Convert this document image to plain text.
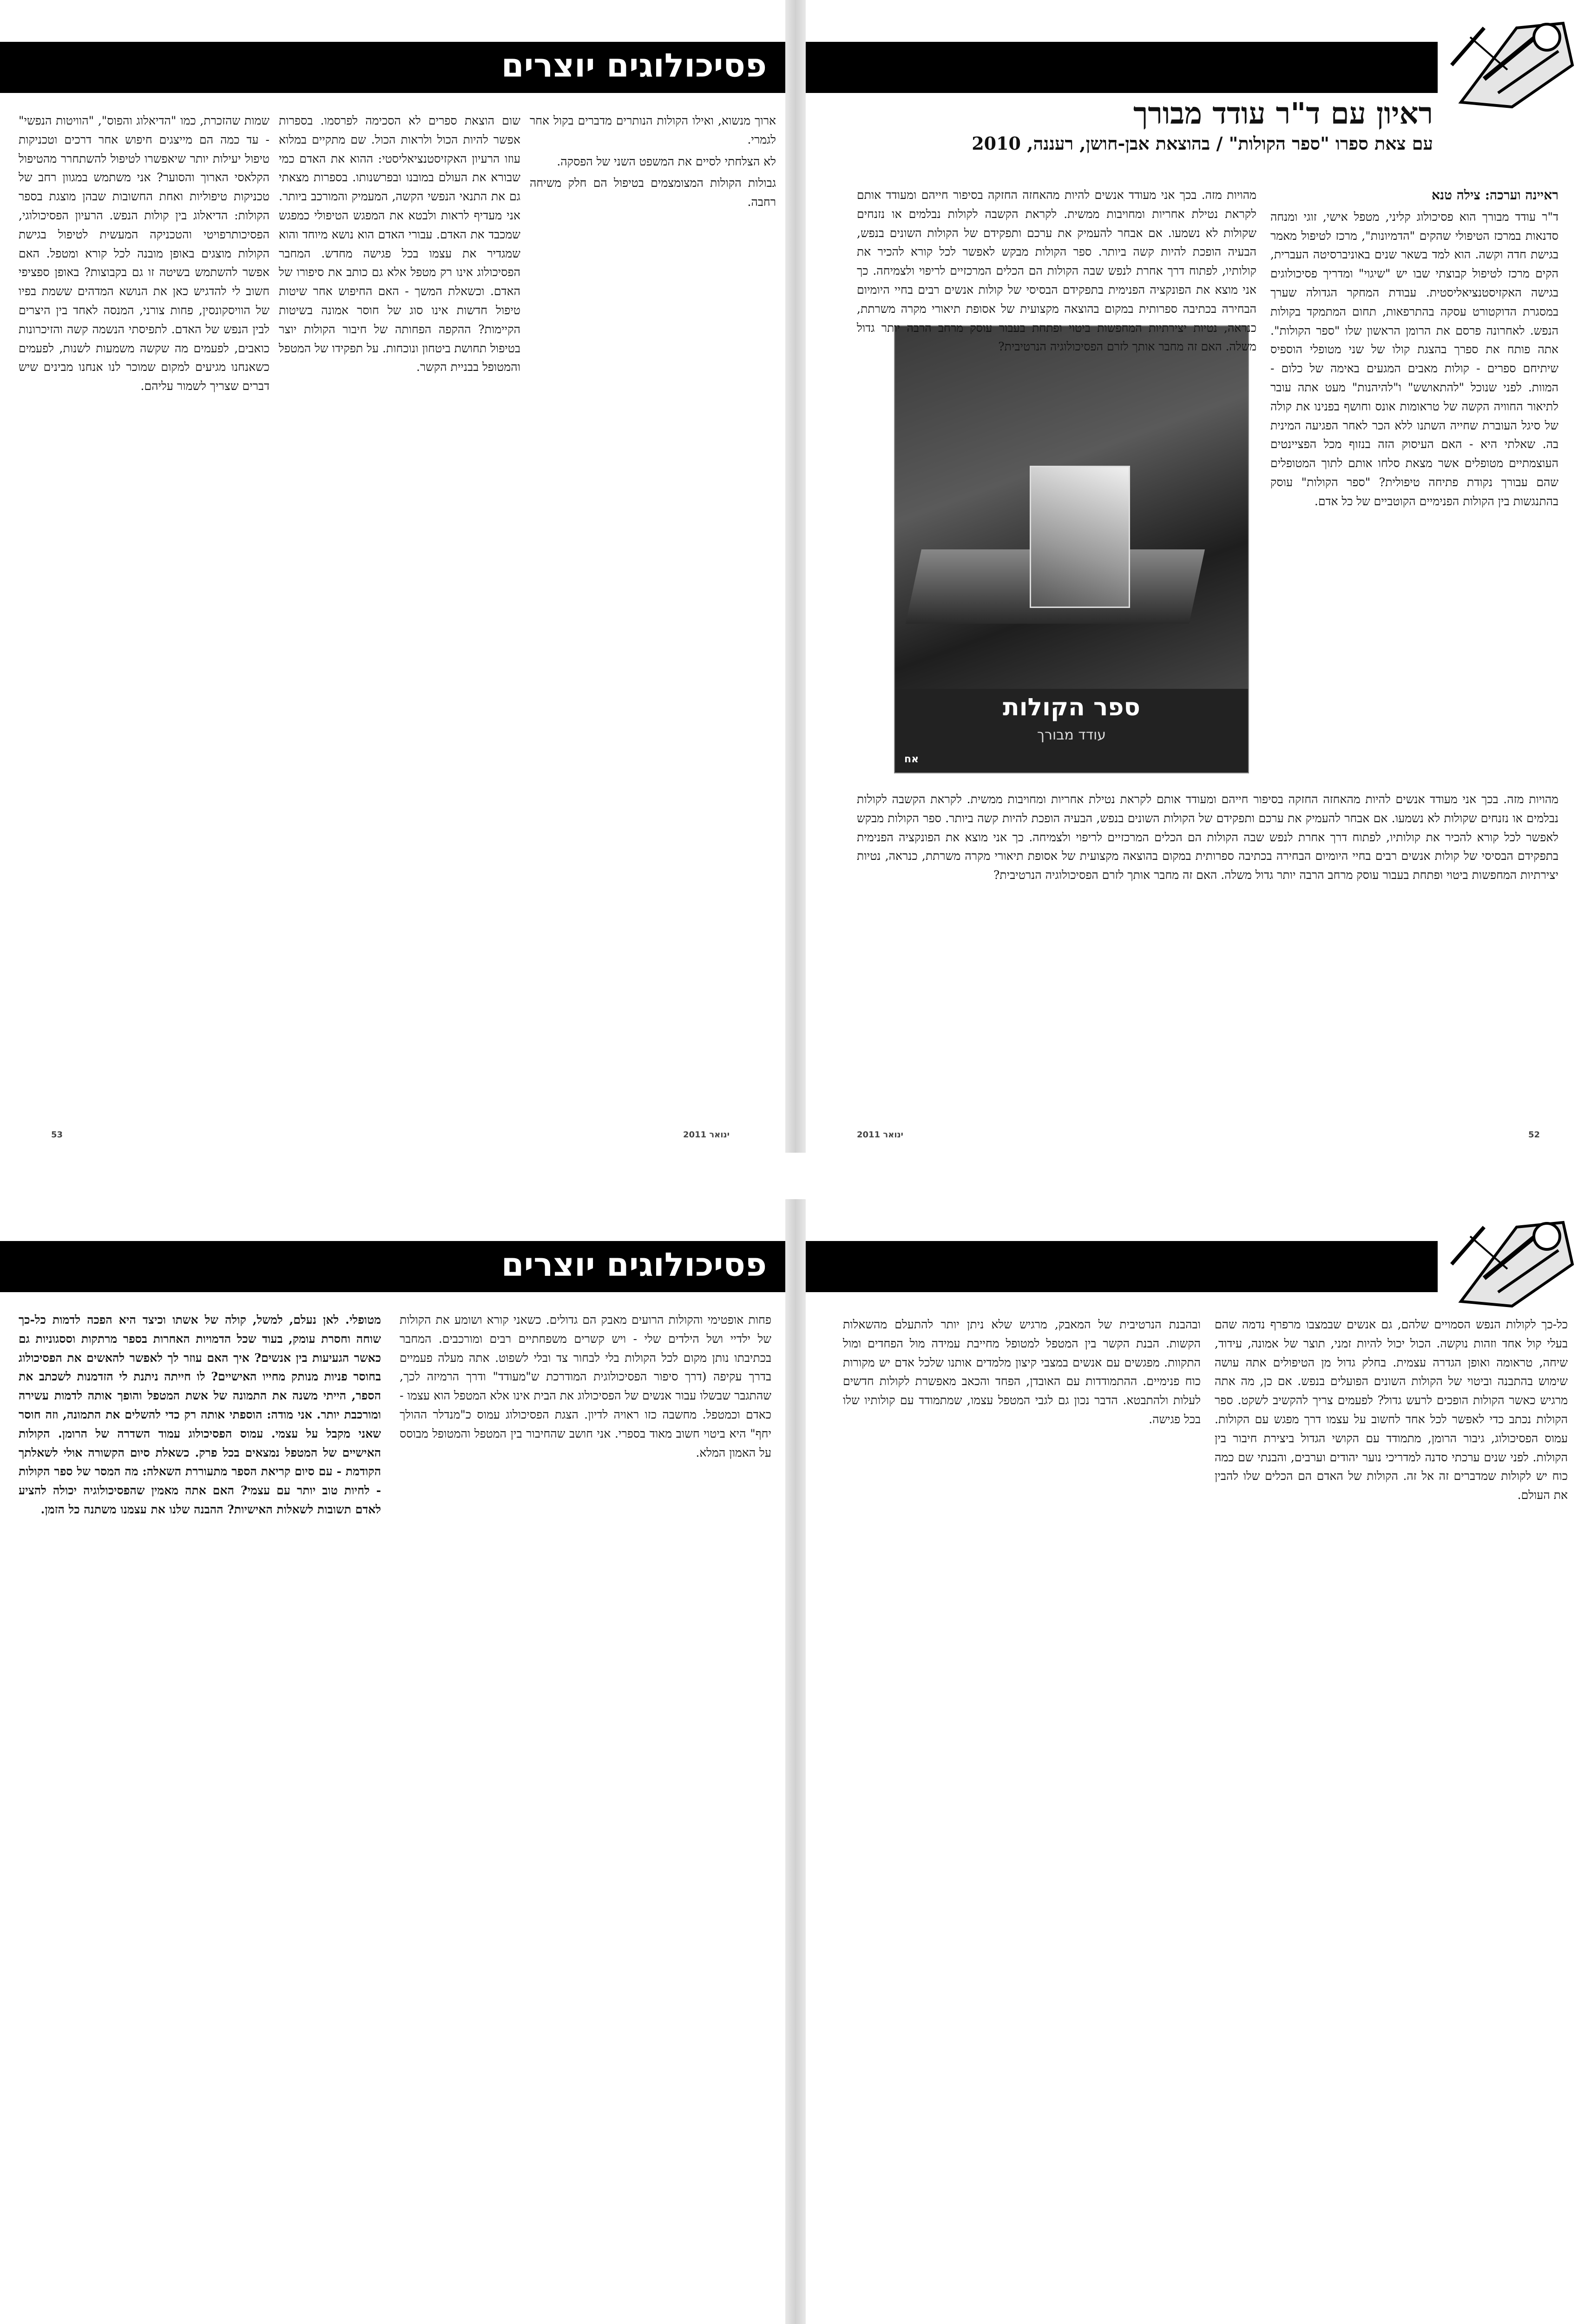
פסיכולוגים יוצרים

שמות שהזכרת, כמו "הדיאלוג והפוס", "הוויטות הנפשי" - עד כמה הם מייצגים חיפוש אחר דרכים וטכניקות טיפול יעילות יותר שיאפשרו לטיפול להשתחרר מהטיפול הקלאסי הארוך והסוער? אני משתמש במגוון רחב של טכניקות טיפוליות ואחת החשובות שבהן מוצגת בספר הקולות: הדיאלוג בין קולות הנפש. הרעיון הפסיכולוגי, הפסיכותרפויטי והטכניקה המעשית לטיפול בגישת הקולות מוצגים באופן מובנה לכל קורא ומטפל. האם אפשר להשתמש בשיטה זו גם בקבוצות? באופן ספציפי חשוב לי להדגיש כאן את הנושא המדהים ששמת בפיו של הוויסקונסין, פחות צורני, המנסה לאחד בין היצרים לבין הנפש של האדם. לתפיסתי הנשמה קשה והזיכרונות כואבים, לפעמים מה שקשה משמעות לשנות, לפעמים כשאנחנו מגיעים למקום שמוכר לנו אנחנו מבינים שיש דברים שצריך לשמור עליהם.

שום הוצאת ספרים לא הסכימה לפרסמו. בספרות אפשר להיות הכול ולראות הכול. שם מתקיים במלוא עוזו הרעיון האקזיסטנציאליסטי: ההוא את האדם כמי שבורא את העולם במובנו ובפרשנותו. בספרות מצאתי גם את התנאי הנפשי הקשה, המעמיק והמורכב ביותר. אני מעדיף לראות ולבטא את המפגש הטיפולי כמפגש שמכבד את האדם. עבורי האדם הוא נושא מיוחד והוא שמגדיר את עצמו בכל פגישה מחדש. המחבר הפסיכולוג אינו רק מטפל אלא גם כותב את סיפורו של האדם. וכשאלת המשך - האם החיפוש אחר שיטות טיפול חדשות אינו סוג של חוסר אמונה בשיטות הקיימות? ההקפה הפחותה של חיבור הקולות יוצר בטיפול תחושת ביטחון ונוכחות. על תפקידו של המטפל והמטופל בבניית הקשר.

ארוך מנשוא, ואילו הקולות הנותרים מדברים בקול אחר לגמרי.

לא הצלחתי לסיים את המשפט השני של הפסקה.

גבולות הקולות המצומצמים בטיפול הם חלק משיחה רחבה.

53	ינואר 2011
ראיון עם ד"ר עודד מבורך
עם צאת ספרו "ספר הקולות" / בהוצאת אבן-חושן, רעננה, 2010

ראיינה וערכה: צילה טנא

ד"ר עודד מבורך הוא פסיכולוג קליני, מטפל אישי, זוגי ומנחה סדנאות במרכז הטיפולי שהקים "הדמיונות", מרכז לטיפול מאמר בגישת חדה וקשה. הוא למד בשאר שנים באוניברסיטה העברית, הקים מרכז לטיפול קבוצתי שבו יש "שיגוי" ומדריך פסיכולוגים בגישה האקזיסטנציאליסטית. עבודת המחקר הגדולה שערך במסגרת הדוקטורט עסקה בהתרפאות, תחום המתמקד בקולות הנפש. לאחרונה פרסם את הרומן הראשון שלו "ספר הקולות". אתה פותח את ספרך בהצגת קולו של שני מטופלי הוספיס שיתיחם ספרים - קולות מאבים המגעים באימה של כלום - המוות. לפני שנוכל "להתאושש" ו"להיהנות" מעט אתה עובר לתיאור החוויה הקשה של טראומות אונס וחושף בפנינו את קולה של סיגל העוברת שחייה השתנו ללא הכר לאחר הפגיעה המינית בה. שאלתי היא - האם העיסוק הזה בנזוף מכל הפציינטים העוצמתיים מטופלים אשר מצאת סלחו אותם לתוך המטופלים שהם עבורך נקודת פתיחה טיפולית? "ספר הקולות" עוסק בהתנגשות בין הקולות הפנימיים הקוטביים של כל אדם.

ספר הקולות
עודד מבורך
אח

מהויות מזה. בכך אני מעודד אנשים להיות מהאחזה החזקה בסיפור חייהם ומעודד אותם לקראת נטילת אחריות ומחויבות ממשית. לקראת הקשבה לקולות נבלמים או נזנחים שקולות לא נשמעו. אם אבחר להעמיק את ערכם ותפקידם של הקולות השונים בנפש, הבעיה הופכת להיות קשה ביותר. ספר הקולות מבקש לאפשר לכל קורא להכיר את קולותיו, לפתוח דרך אחרת לנפש שבה הקולות הם הכלים המרכזיים לריפוי ולצמיחה. כך אני מוצא את הפונקציה הפנימית בתפקידם הבסיסי של קולות אנשים רבים בחיי היומיום הבחירה בכתיבה ספרותית במקום בהוצאה מקצועית של אסופת תיאורי מקרה משרתת, כנראה, נטיות יצירתיות המחפשות ביטוי ופתחת בעבור עוסק מרחב הרבה יותר גדול משלה. האם זה מחבר אותך לזרם הפסיכולוגיה הנרטיבית?

מהויות מזה. בכך אני מעודד אנשים להיות מהאחזה החזקה בסיפור חייהם ומעודד אותם לקראת נטילת אחריות ומחויבות ממשית. לקראת הקשבה לקולות נבלמים או נזנחים שקולות לא נשמעו. אם אבחר להעמיק את ערכם ותפקידם של הקולות השונים בנפש, הבעיה הופכת להיות קשה ביותר. ספר הקולות מבקש לאפשר לכל קורא להכיר את קולותיו, לפתוח דרך אחרת לנפש שבה הקולות הם הכלים המרכזיים לריפוי ולצמיחה. כך אני מוצא את הפונקציה הפנימית בתפקידם הבסיסי של קולות אנשים רבים בחיי היומיום הבחירה בכתיבה ספרותית במקום בהוצאה מקצועית של אסופת תיאורי מקרה משרתת, כנראה, נטיות יצירתיות המחפשות ביטוי ופתחת בעבור עוסק מרחב הרבה יותר גדול משלה. האם זה מחבר אותך לזרם הפסיכולוגיה הנרטיבית?

52
ינואר 2011
פסיכולוגים יוצרים

מטופלי. לאן נעלם, למשל, קולה של אשתו וכיצד היא הפכה לדמות כל-כך שוחה וחסרת עומק, בעוד שכל הדמויות האחרות בספר מרתקות וססגוניות גם כאשר הגעיעות בין אנשים? איך האם עוזר לך לאפשר להאשים את הפסיכולוג בחוסר פניות מנותק מחייו האישיים? לו חייתה ניתנת לי הזדמנות לשכתב את הספר, הייתי משנה את התמונה של אשת המטפל והופך אותה לדמות עשירה ומורכבת יותר. אני מודה: הוספתי אותה רק כדי להשלים את התמונה, וזה חוסר שאני מקבל על עצמי. עמוס הפסיכולוג עמוד השדרה של הרומן. הקולות האישיים של המטפל נמצאים בכל פרק. כשאלת סיום הקשורה אולי לשאלתך הקודמת - עם סיום קריאת הספר מתעוררת השאלה: מה המסר של ספר הקולות - לחיות טוב יותר עם עצמי? האם אתה מאמין שהפסיכולוגיה יכולה להציע לאדם תשובות לשאלות האישיות? ההבנה שלנו את עצמנו משתנה כל הזמן.

פחות אופטימי והקולות הרועים מאבק הם גדולים. כשאני קורא ושומע את הקולות של ילדיי ושל הילדים שלי - ויש קשרים משפחתיים רבים ומורכבים. המחבר בכתיבתו נותן מקום לכל הקולות בלי לבחור צד ובלי לשפוט. אתה מעלה פעמיים בדרך עקיפה (דרך סיפור הפסיכולוגית המודרכת ש"מעודד" ודרך הרמיזה לכך, שהתגבר שבשלו עבור אנשים של הפסיכולוג את הבית אינו אלא המטפל הוא עצמו - כאדם וכמטפל. מחשבה כזו ראויה לדיון. הצגת הפסיכולוג עמוס כ"מנדלר ההולך יחף" היא ביטוי חשוב מאוד בספרי. אני חושב שהחיבור בין המטפל והמטופל מבוסס על האמון המלא.

כל-כך לקולות הנפש הסמויים שלהם, גם אנשים שבמצבו מרפרף נדמה שהם בעלי קול אחד וזהות נוקשה. הכול יכול להיות זמני, תוצר של אמונה, עידוד, שיחה, טראומה ואופן הגדרה עצמית. בחלק גדול מן הטיפולים אתה עושה שימוש בהתבנה וביטוי של הקולות השונים הפועלים בנפש. אם כן, מה אתה מרגיש כאשר הקולות הופכים לרעש גדול? לפעמים צריך להקשיב לשקט. ספר הקולות נכתב כדי לאפשר לכל אחד לחשוב על עצמו דרך מפגש עם הקולות. עמוס הפסיכולוג, גיבור הרומן, מתמודד עם הקושי הגדול ביצירת חיבור בין הקולות. לפני שנים ערכתי סדנה למדריכי נוער יהודים וערבים, והבנתי שם כמה כוח יש לקולות שמדברים זה אל זה. הקולות של האדם הם הכלים שלו להבין את העולם.

ובהבנת הנרטיבית של המאבק, מרגיש שלא ניתן יותר להתעלם מהשאלות הקשות. הבנת הקשר בין המטפל למטופל מחייבת עמידה מול הפחדים ומול התקוות. מפגשים עם אנשים במצבי קיצון מלמדים אותנו שלכל אדם יש מקורות כוח פנימיים. ההתמודדות עם האובדן, הפחד והכאב מאפשרת לקולות חדשים לעלות ולהתבטא. הדבר נכון גם לגבי המטפל עצמו, שמתמודד עם קולותיו שלו בכל פגישה.
